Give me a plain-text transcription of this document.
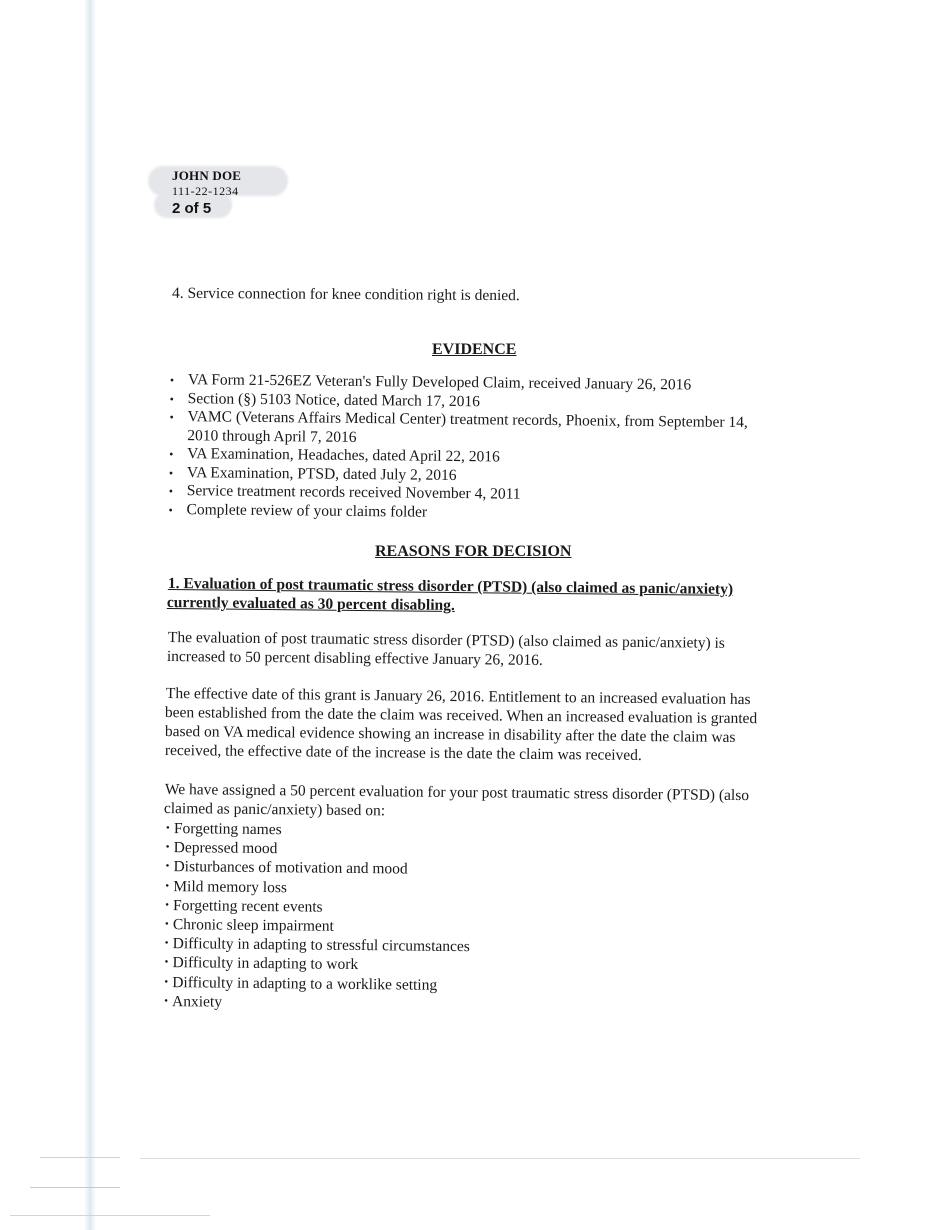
JOHN DOE
111-22-1234
2 of 5
4. Service connection for knee condition right is denied.
EVIDENCE
• VA Form 21-526EZ Veteran's Fully Developed Claim, received January 26, 2016
• Section (§) 5103 Notice, dated March 17, 2016
• VAMC (Veterans Affairs Medical Center) treatment records, Phoenix, from September 14,
2010 through April 7, 2016
• VA Examination, Headaches, dated April 22, 2016
• VA Examination, PTSD, dated July 2, 2016
• Service treatment records received November 4, 2011
• Complete review of your claims folder
REASONS FOR DECISION
1. Evaluation of post traumatic stress disorder (PTSD) (also claimed as panic/anxiety)
currently evaluated as 30 percent disabling.
The evaluation of post traumatic stress disorder (PTSD) (also claimed as panic/anxiety) is
increased to 50 percent disabling effective January 26, 2016.
The effective date of this grant is January 26, 2016. Entitlement to an increased evaluation has
been established from the date the claim was received. When an increased evaluation is granted
based on VA medical evidence showing an increase in disability after the date the claim was
received, the effective date of the increase is the date the claim was received.
We have assigned a 50 percent evaluation for your post traumatic stress disorder (PTSD) (also
claimed as panic/anxiety) based on:
• Forgetting names
• Depressed mood
• Disturbances of motivation and mood
• Mild memory loss
• Forgetting recent events
• Chronic sleep impairment
• Difficulty in adapting to stressful circumstances
• Difficulty in adapting to work
• Difficulty in adapting to a worklike setting
• Anxiety
